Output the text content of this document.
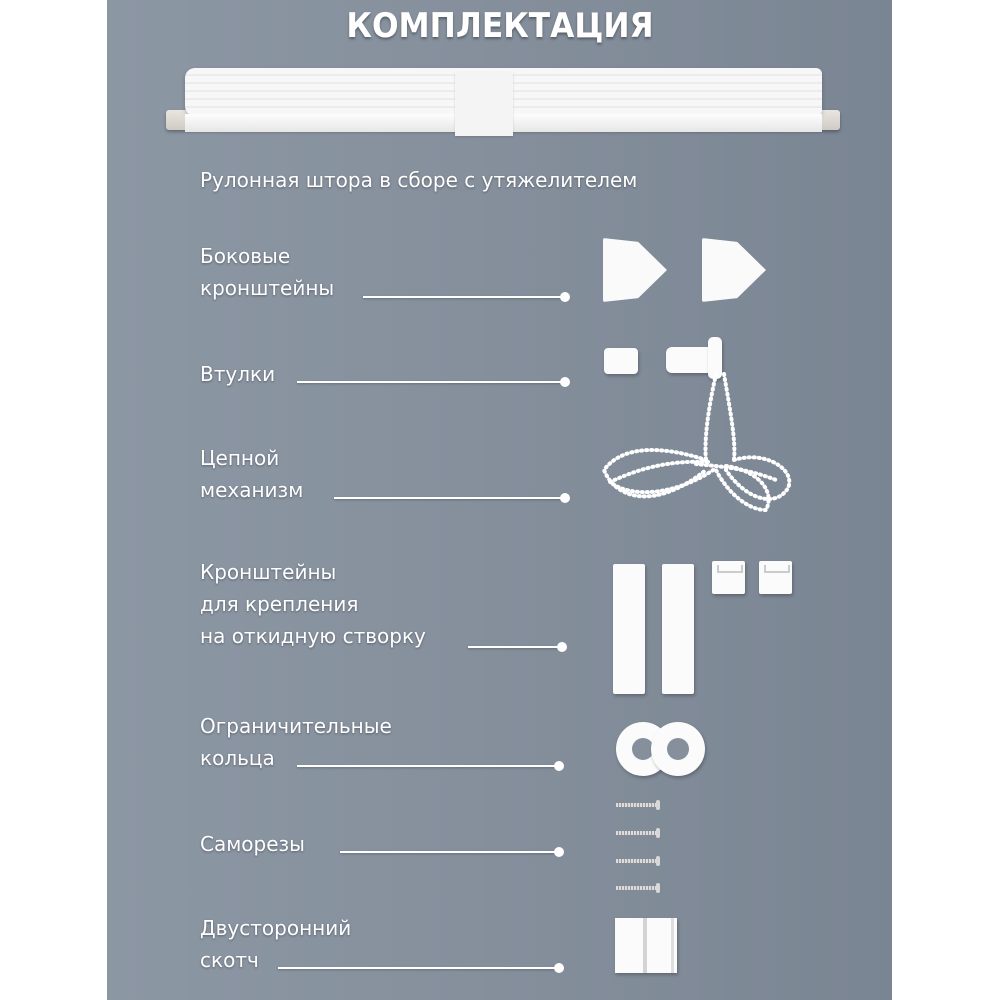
КОМПЛЕКТАЦИЯ
Рулонная штора в сборе с утяжелителем
Боковые
кронштейны
Втулки
Цепной
механизм
Кронштейны
для крепления
на откидную створку
Ограничительные
кольца
Саморезы
Двусторонний
скотч
